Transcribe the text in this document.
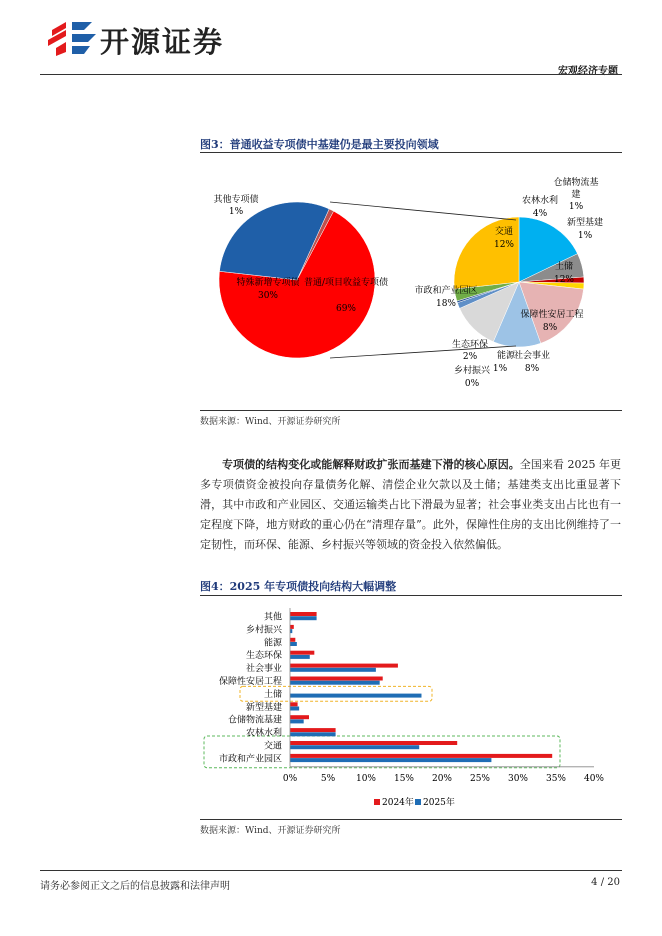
开源证券
宏观经济专题
图3：普通收益专项债中基建仍是最主要投向领域
其他专项债
1%
特殊新增专项债
30%
普通/项目收益专项债
69%
仓储物流基
建
1%
农林水利
4%
新型基建
1%
交通
12%
土储
12%
市政和产业园区
18%
保障性安居工程
8%
生态环保
2% 能源
1%
社会事业
8%
乡村振兴
0%
数据来源：Wind、开源证券研究所
专项债的结构变化或能解释财政扩张而基建下滑的核心原因。全国来看 2025 年更多专项债资金被投向存量债务化解、清偿企业欠款以及土储；基建类支出比重显著下滑，其中市政和产业园区、交通运输类占比下滑最为显著；社会事业类支出占比也有一定程度下降，地方财政的重心仍在“清理存量”。此外，保障性住房的支出比例维持了一定韧性，而环保、能源、乡村振兴等领域的资金投入依然偏低。
图4：2025 年专项债投向结构大幅调整
其他
乡村振兴
能源
生态环保
社会事业
保障性安居工程
土储
新型基建
仓储物流基建
农林水利
交通
市政和产业园区
0%	5% 10% 15% 20% 25% 30% 35% 40%
2024年 2025年
数据来源：Wind、开源证券研究所
请务必参阅正文之后的信息披露和法律声明	4 / 20
